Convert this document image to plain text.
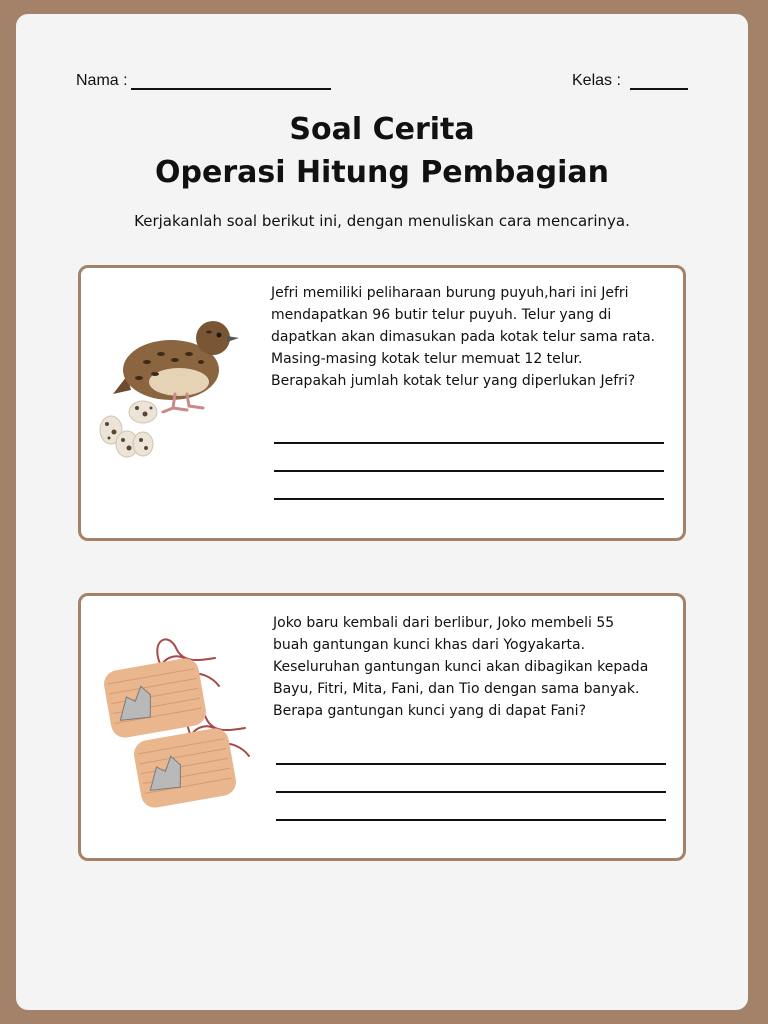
Nama :	Kelas :
Soal Cerita
Operasi Hitung Pembagian
Kerjakanlah soal berikut ini, dengan menuliskan cara mencarinya.
Jefri memiliki peliharaan burung puyuh,hari ini Jefri
mendapatkan 96 butir telur puyuh. Telur yang di
dapatkan akan dimasukan pada kotak telur sama rata.
Masing-masing kotak telur memuat 12 telur.
Berapakah jumlah kotak telur yang diperlukan Jefri?
Joko baru kembali dari berlibur, Joko membeli 55
buah gantungan kunci khas dari Yogyakarta.
Keseluruhan gantungan kunci akan dibagikan kepada
Bayu, Fitri, Mita, Fani, dan Tio dengan sama banyak.
Berapa gantungan kunci yang di dapat Fani?
